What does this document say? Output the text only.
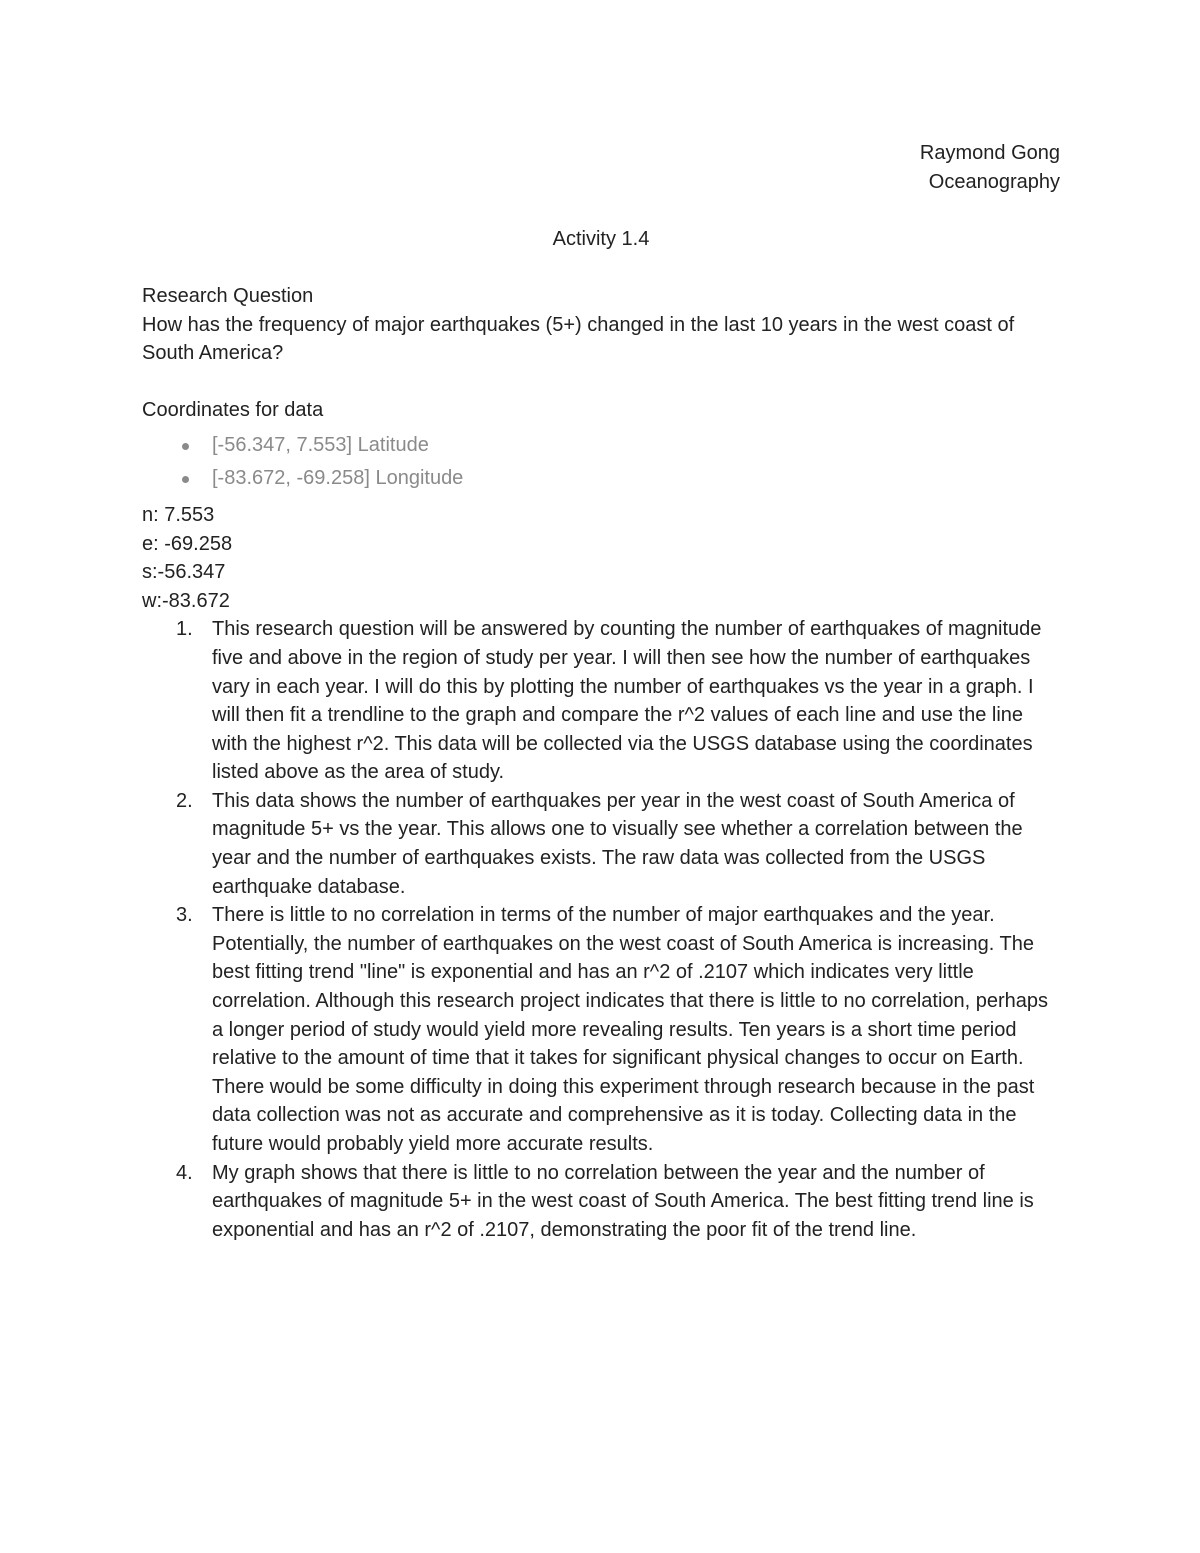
Raymond Gong
Oceanography
Activity 1.4
Research Question
How has the frequency of major earthquakes (5+) changed in the last 10 years in the west coast of South America?
Coordinates for data
[-56.347, 7.553] Latitude
[-83.672, -69.258] Longitude
n: 7.553
e: -69.258
s:-56.347
w:-83.672
1. This research question will be answered by counting the number of earthquakes of magnitude five and above in the region of study per year. I will then see how the number of earthquakes vary in each year. I will do this by plotting the number of earthquakes vs the year in a graph. I will then fit a trendline to the graph and compare the r^2 values of each line and use the line with the highest r^2. This data will be collected via the USGS database using the coordinates listed above as the area of study.
2. This data shows the number of earthquakes per year in the west coast of South America of magnitude 5+ vs the year. This allows one to visually see whether a correlation between the year and the number of earthquakes exists. The raw data was collected from the USGS earthquake database.
3. There is little to no correlation in terms of the number of major earthquakes and the year. Potentially, the number of earthquakes on the west coast of South America is increasing. The best fitting trend "line" is exponential and has an r^2 of .2107 which indicates very little correlation. Although this research project indicates that there is little to no correlation, perhaps a longer period of study would yield more revealing results. Ten years is a short time period relative to the amount of time that it takes for significant physical changes to occur on Earth. There would be some difficulty in doing this experiment through research because in the past data collection was not as accurate and comprehensive as it is today. Collecting data in the future would probably yield more accurate results.
4. My graph shows that there is little to no correlation between the year and the number of earthquakes of magnitude 5+ in the west coast of South America. The best fitting trend line is exponential and has an r^2 of .2107, demonstrating the poor fit of the trend line.
